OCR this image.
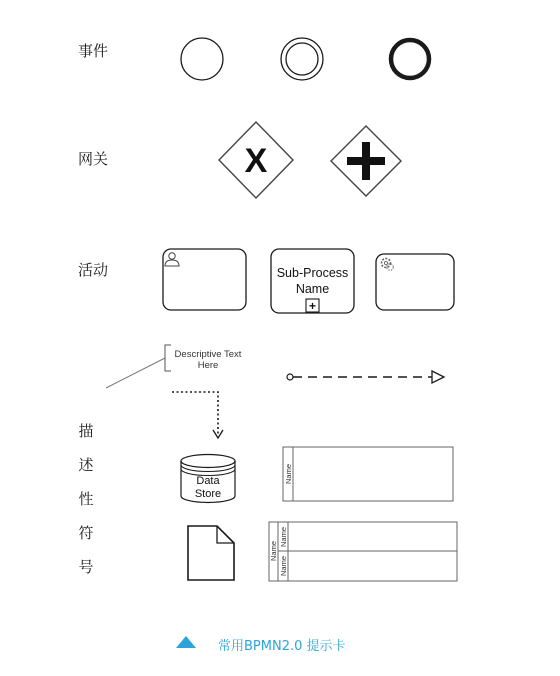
事件
网关
活动
描
述
性
符
号
X
Sub-Process
Name
+
Descriptive Text
Here
Data
Store
Name
Name
Name
Name
常用BPMN2.0 提示卡
